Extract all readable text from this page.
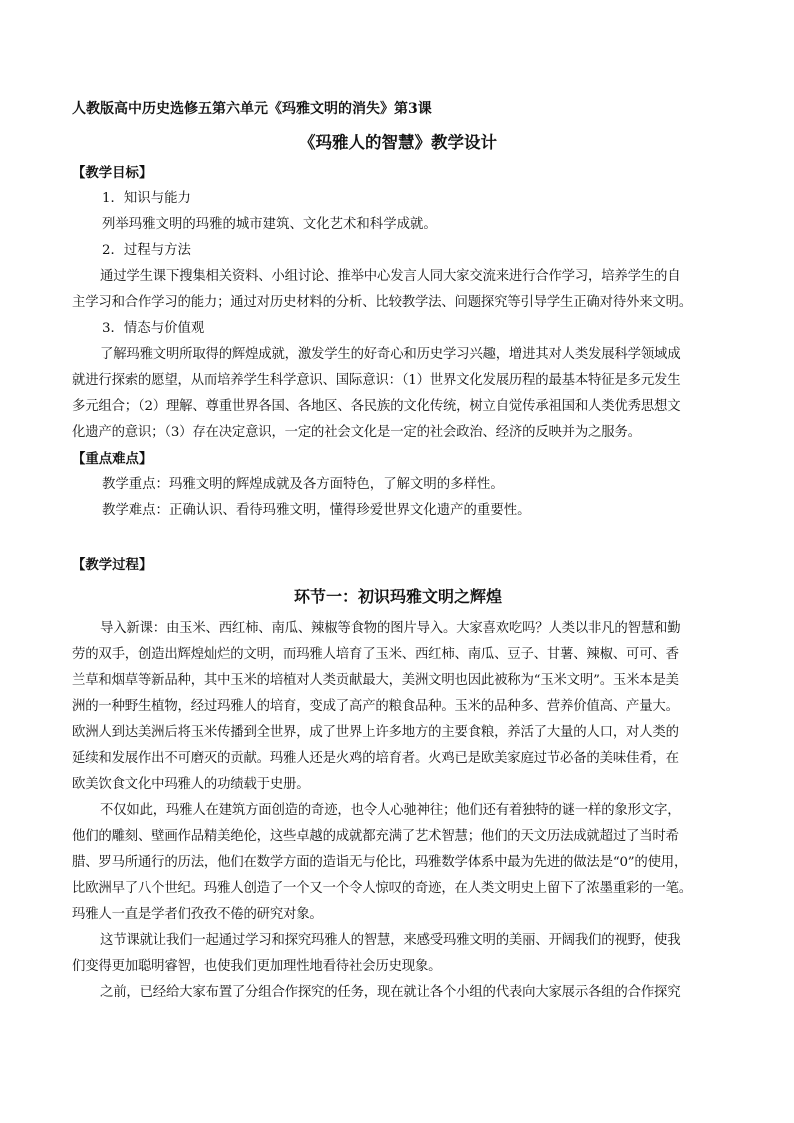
人教版高中历史选修五第六单元《玛雅文明的消失》第3课
《玛雅人的智慧》教学设计
【教学目标】
1．知识与能力
列举玛雅文明的玛雅的城市建筑、文化艺术和科学成就。
2．过程与方法
通过学生课下搜集相关资料、小组讨论、推举中心发言人同大家交流来进行合作学习，培养学生的自
主学习和合作学习的能力；通过对历史材料的分析、比较教学法、问题探究等引导学生正确对待外来文明。
3．情态与价值观
了解玛雅文明所取得的辉煌成就，激发学生的好奇心和历史学习兴趣，增进其对人类发展科学领域成
就进行探索的愿望，从而培养学生科学意识、国际意识：（1）世界文化发展历程的最基本特征是多元发生
多元组合；（2）理解、尊重世界各国、各地区、各民族的文化传统，树立自觉传承祖国和人类优秀思想文
化遗产的意识；（3）存在决定意识，一定的社会文化是一定的社会政治、经济的反映并为之服务。
【重点难点】
教学重点：玛雅文明的辉煌成就及各方面特色，了解文明的多样性。
教学难点：正确认识、看待玛雅文明，懂得珍爱世界文化遗产的重要性。
【教学过程】
环节一：初识玛雅文明之辉煌
导入新课：由玉米、西红柿、南瓜、辣椒等食物的图片导入。大家喜欢吃吗？人类以非凡的智慧和勤
劳的双手，创造出辉煌灿烂的文明，而玛雅人培育了玉米、西红柿、南瓜、豆子、甘薯、辣椒、可可、香
兰草和烟草等新品种，其中玉米的培植对人类贡献最大，美洲文明也因此被称为“玉米文明”。玉米本是美
洲的一种野生植物，经过玛雅人的培育，变成了高产的粮食品种。玉米的品种多、营养价值高、产量大。
欧洲人到达美洲后将玉米传播到全世界，成了世界上许多地方的主要食粮，养活了大量的人口，对人类的
延续和发展作出不可磨灭的贡献。玛雅人还是火鸡的培育者。火鸡已是欧美家庭过节必备的美味佳肴，在
欧美饮食文化中玛雅人的功绩载于史册。
不仅如此，玛雅人在建筑方面创造的奇迹，也令人心驰神往；他们还有着独特的谜一样的象形文字，
他们的雕刻、壁画作品精美绝伦，这些卓越的成就都充满了艺术智慧；他们的天文历法成就超过了当时希
腊、罗马所通行的历法，他们在数学方面的造诣无与伦比，玛雅数学体系中最为先进的做法是“0”的使用，
比欧洲早了八个世纪。玛雅人创造了一个又一个令人惊叹的奇迹，在人类文明史上留下了浓墨重彩的一笔。
玛雅人一直是学者们孜孜不倦的研究对象。
这节课就让我们一起通过学习和探究玛雅人的智慧，来感受玛雅文明的美丽、开阔我们的视野，使我
们变得更加聪明睿智，也使我们更加理性地看待社会历史现象。
之前，已经给大家布置了分组合作探究的任务，现在就让各个小组的代表向大家展示各组的合作探究
